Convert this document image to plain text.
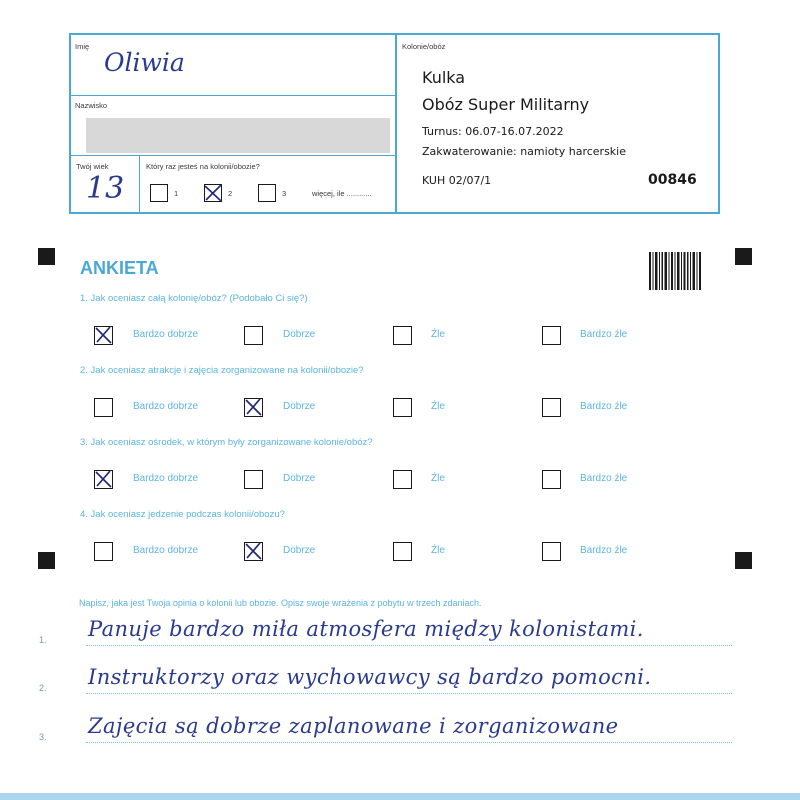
Imię
Oliwia
Nazwisko
Twój wiek
13
Który raz jesteś na kolonii/obozie?
1	2	3	więcej, ile ............
Kolonie/obóz
Kulka
Obóz Super Militarny
Turnus: 06.07-16.07.2022
Zakwaterowanie: namioty harcerskie
KUH 02/07/1	00846
ANKIETA
1. Jak oceniasz całą kolonię/obóz? (Podobało Ci się?)
Bardzo dobrze	Dobrze	Źle	Bardzo źle
2. Jak oceniasz atrakcje i zajęcia zorganizowane na kolonii/obozie?
Bardzo dobrze	Dobrze	Źle	Bardzo źle
3. Jak oceniasz ośrodek, w którym były zorganizowane kolonie/obóz?
Bardzo dobrze	Dobrze	Źle	Bardzo źle
4. Jak oceniasz jedzenie podczas kolonii/obozu?
Bardzo dobrze	Dobrze	Źle	Bardzo źle
Napisz, jaka jest Twoja opinia o kolonii lub obozie. Opisz swoje wrażenia z pobytu w trzech zdaniach.
1. Panuje bardzo miła atmosfera między kolonistami.
2. Instruktorzy oraz wychowawcy są bardzo pomocni.
3. Zajęcia są dobrze zaplanowane i zorganizowane
